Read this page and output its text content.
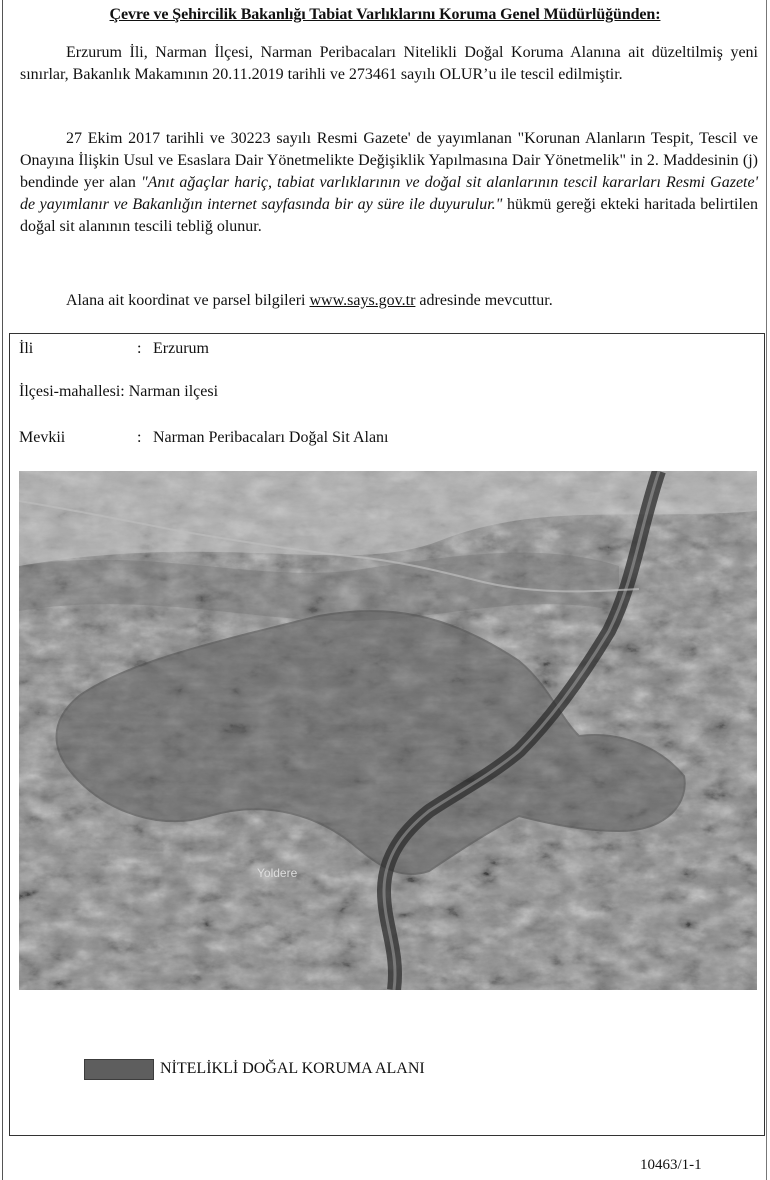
Çevre ve Şehircilik Bakanlığı Tabiat Varlıklarını Koruma Genel Müdürlüğünden:
Erzurum İli, Narman İlçesi, Narman Peribacaları Nitelikli Doğal Koruma Alanına ait düzeltilmiş yeni sınırlar, Bakanlık Makamının 20.11.2019 tarihli ve 273461 sayılı OLUR’u ile tescil edilmiştir.
27 Ekim 2017 tarihli ve 30223 sayılı Resmi Gazete' de yayımlanan "Korunan Alanların Tespit, Tescil ve Onayına İlişkin Usul ve Esaslara Dair Yönetmelikte Değişiklik Yapılmasına Dair Yönetmelik" in 2. Maddesinin (j) bendinde yer alan "Anıt ağaçlar hariç, tabiat varlıklarının ve doğal sit alanlarının tescil kararları Resmi Gazete' de yayımlanır ve Bakanlığın internet sayfasında bir ay süre ile duyurulur." hükmü gereği ekteki haritada belirtilen doğal sit alanının tescili tebliğ olunur.
Alana ait koordinat ve parsel bilgileri www.says.gov.tr adresinde mevcuttur.
İli	: Erzurum
İlçesi-mahallesi: Narman ilçesi
Mevkii	: Narman Peribacaları Doğal Sit Alanı
Yoldere
NİTELİKLİ DOĞAL KORUMA ALANI
10463/1-1
